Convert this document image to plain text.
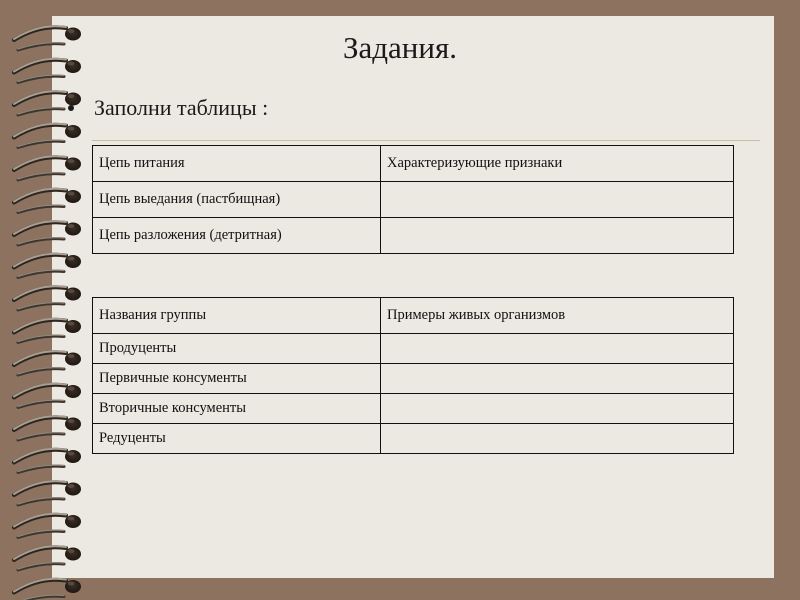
Задания.
Заполни таблицы :
Цепь питания	Характеризующие признаки
Цепь выедания (пастбищная)	
Цепь разложения (детритная)	
Названия группы	Примеры живых организмов
Продуценты	
Первичные консументы	
Вторичные консументы	
Редуценты	
